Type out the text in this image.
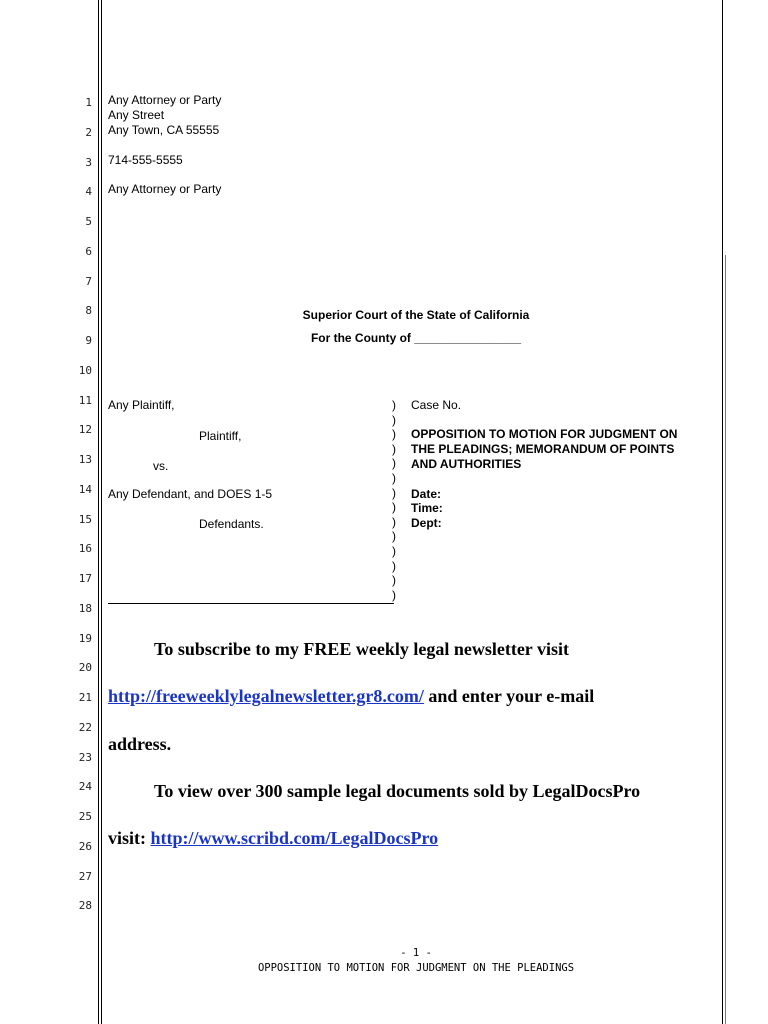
1
2
3
4
5
6
7
8
9
10
11
12
13
14
15
16
17
18
19
20
21
22
23
24
25
26
27
28
Any Attorney or Party
Any Street
Any Town, CA 55555
714-555-5555
Any Attorney or Party
Superior Court of the State of California
For the County of ________________
Any Plaintiff,
Plaintiff,
vs.
Any Defendant, and DOES 1-5
Defendants.
)
)
)
)
)
)
)
)
)
)
)
)
)
)
Case No.
OPPOSITION TO MOTION FOR JUDGMENT ON
THE PLEADINGS; MEMORANDUM OF POINTS
AND AUTHORITIES
Date:
Time:
Dept:
To subscribe to my FREE weekly legal newsletter visit
http://freeweeklylegalnewsletter.gr8.com/ and enter your e-mail
address.
To view over 300 sample legal documents sold by LegalDocsPro
visit: http://www.scribd.com/LegalDocsPro
- 1 -
OPPOSITION TO MOTION FOR JUDGMENT ON THE PLEADINGS
